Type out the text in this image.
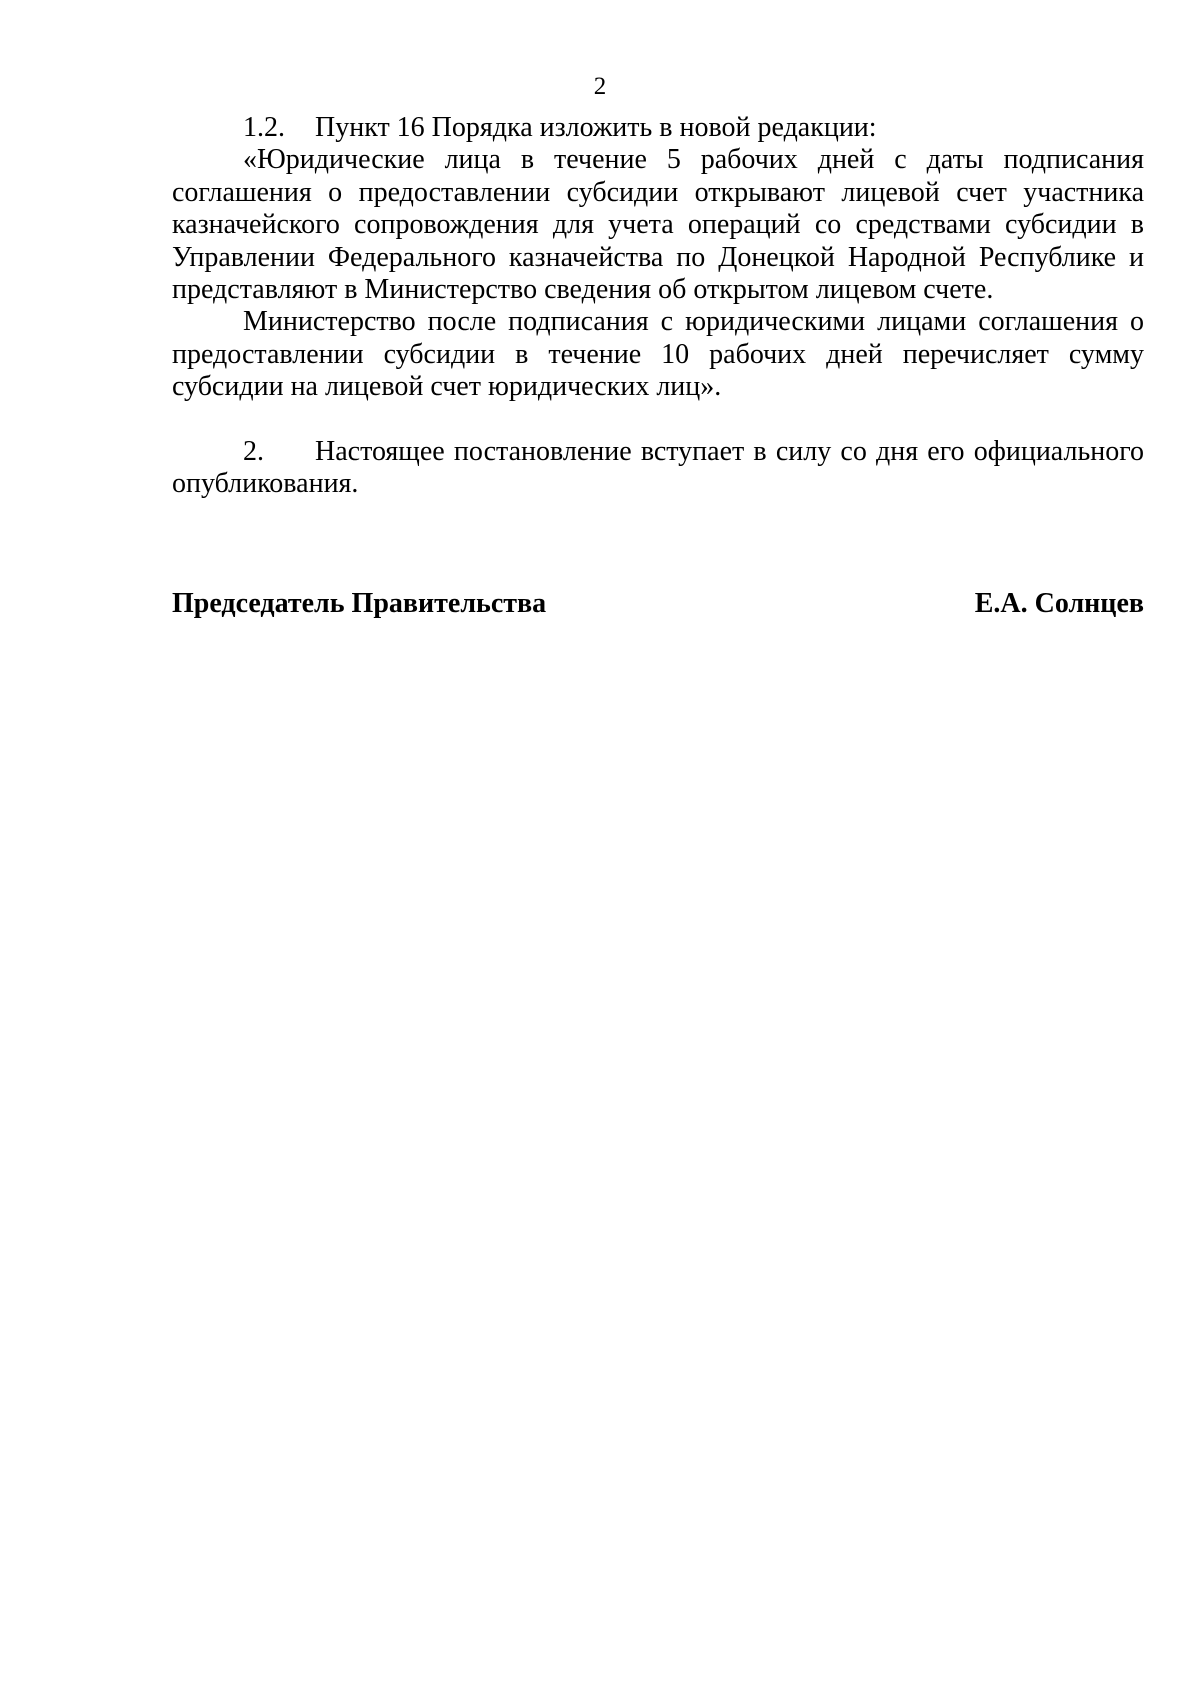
2

1.2. Пункт 16 Порядка изложить в новой редакции:

«Юридические лица в течение 5 рабочих дней с даты подписания соглашения о предоставлении субсидии открывают лицевой счет участника казначейского сопровождения для учета операций со средствами субсидии в Управлении Федерального казначейства по Донецкой Народной Республике и представляют в Министерство сведения об открытом лицевом счете.

Министерство после подписания с юридическими лицами соглашения о предоставлении субсидии в течение 10 рабочих дней перечисляет сумму субсидии на лицевой счет юридических лиц».

2. Настоящее постановление вступает в силу со дня его официального опубликования.

Председатель Правительства	Е.А. Солнцев
